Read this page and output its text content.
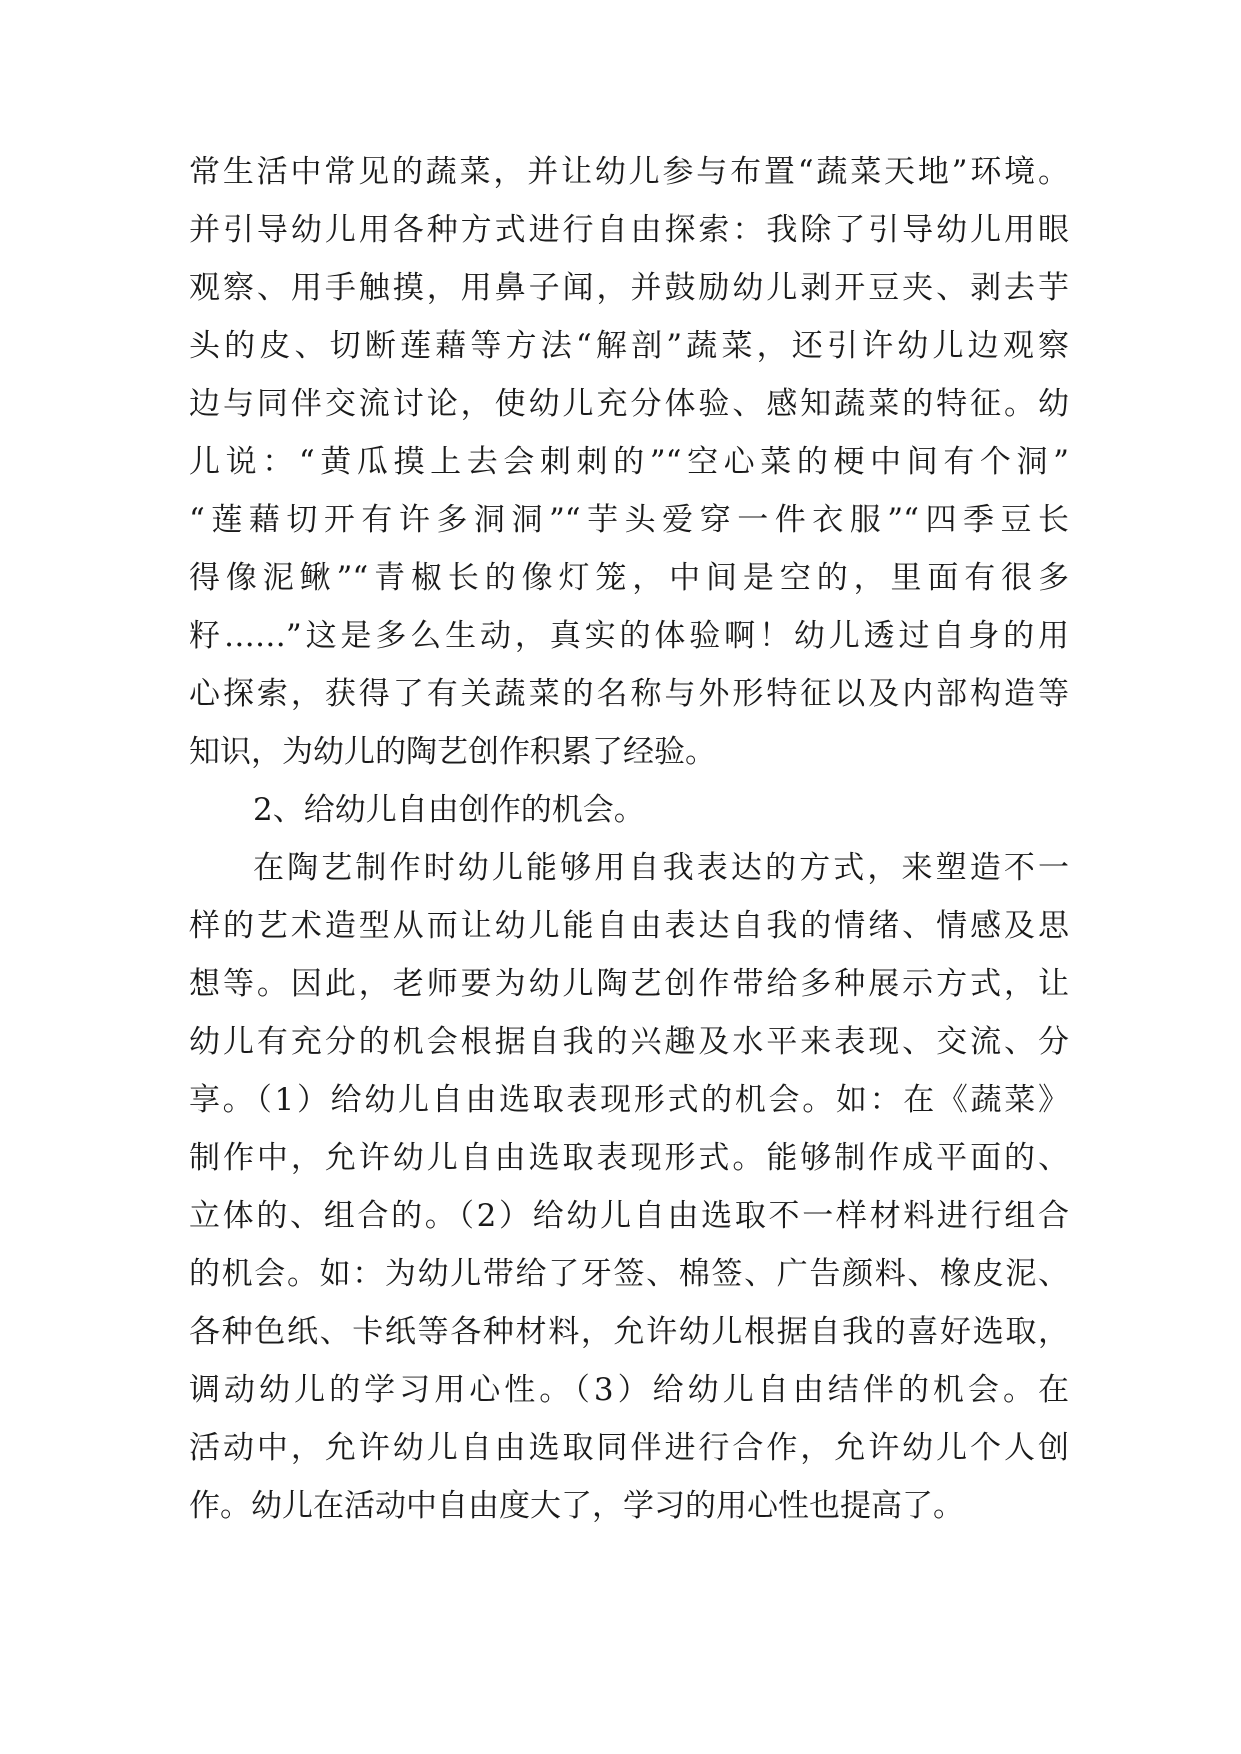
常生活中常见的蔬菜，并让幼儿参与布置“蔬菜天地”环境。
并引导幼儿用各种方式进行自由探索：我除了引导幼儿用眼
观察、用手触摸，用鼻子闻，并鼓励幼儿剥开豆夹、剥去芋
头的皮、切断莲藉等方法“解剖”蔬菜，还引许幼儿边观察
边与同伴交流讨论，使幼儿充分体验、感知蔬菜的特征。幼
儿说：“黄瓜摸上去会刺刺的”“空心菜的梗中间有个洞”
“莲藉切开有许多洞洞”“芋头爱穿一件衣服”“四季豆长
得像泥鳅”“青椒长的像灯笼，中间是空的，里面有很多
籽……”这是多么生动，真实的体验啊！幼儿透过自身的用
心探索，获得了有关蔬菜的名称与外形特征以及内部构造等
知识，为幼儿的陶艺创作积累了经验。
2、给幼儿自由创作的机会。
在陶艺制作时幼儿能够用自我表达的方式，来塑造不一
样的艺术造型从而让幼儿能自由表达自我的情绪、情感及思
想等。因此，老师要为幼儿陶艺创作带给多种展示方式，让
幼儿有充分的机会根据自我的兴趣及水平来表现、交流、分
享。（1）给幼儿自由选取表现形式的机会。如：在《蔬菜》
制作中，允许幼儿自由选取表现形式。能够制作成平面的、
立体的、组合的。（2）给幼儿自由选取不一样材料进行组合
的机会。如：为幼儿带给了牙签、棉签、广告颜料、橡皮泥、
各种色纸、卡纸等各种材料，允许幼儿根据自我的喜好选取，
调动幼儿的学习用心性。（3）给幼儿自由结伴的机会。在
活动中，允许幼儿自由选取同伴进行合作，允许幼儿个人创
作。幼儿在活动中自由度大了，学习的用心性也提高了。
